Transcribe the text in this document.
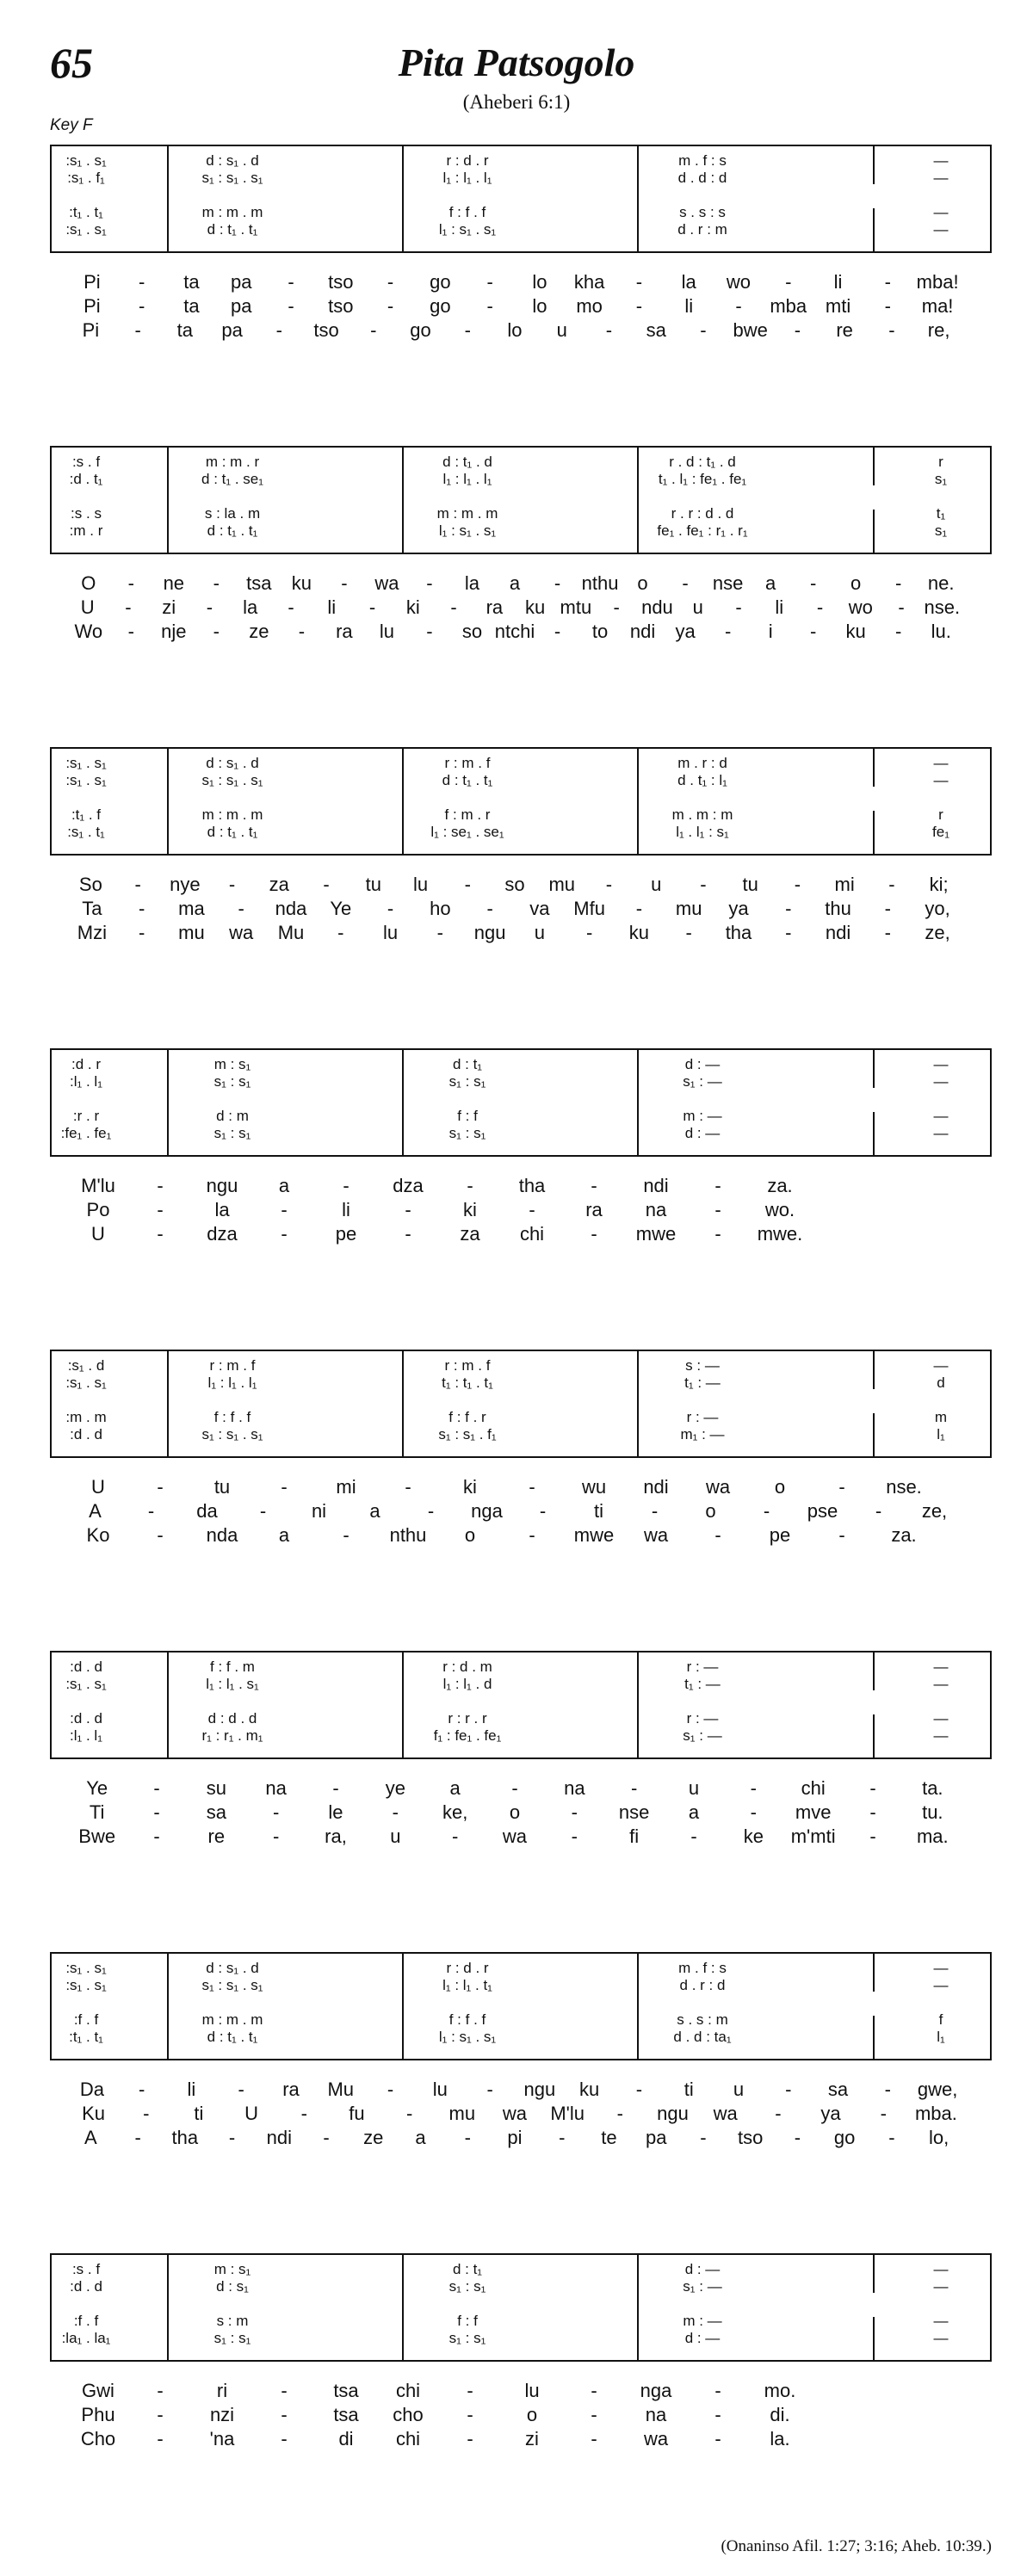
65	Pita Patsogolo
(Aheberi 6:1)
Key F
:s₁ . s₁	d : s₁ . d	r : d . r	m . f : s	—
:s₁ . f₁	s₁ : s₁ . s₁	l₁ : l₁ . l₁	d . d : d	—
:t₁ . t₁	m : m . m	f : f . f	s . s : s	—
:s₁ . s₁	d : t₁ . t₁	l₁ : s₁ . s₁	d . r : m	—
Pi	-	ta	pa	-	tso	-	go	-	lo	kha	-	la	wo	-	li	-	mba!
Pi	-	ta	pa	-	tso	-	go	-	lo	mo	-	li	-	mba mti	-	ma!
Pi	-	ta	pa	-	tso	-	go	-	lo	u	-	sa	-	bwe	-	re	-	re,
:s . f	m : m . r	d : t₁ . d	r . d : t₁ . d	r
:d . t₁	d : t₁ . se₁	l₁ : l₁ . l₁	t₁ . l₁ : fe₁ . fe₁	s₁
:s . s	s : la . m	m : m . m	r . r : d . d	t₁
:m . r	d : t₁ . t₁	l₁ : s₁ . s₁	fe₁ . fe₁ : r₁ . r₁	s₁
O	-	ne	-	tsa	ku	-	wa	-	la	a	-	nthu o	-	nse	a	-	o	-	ne.
U	-	zi	-	la	-	li	-	ki	-	ra	ku mtu	-	ndu	u	-	li	-	wo	-	nse.
Wo	-	nje	-	ze	-	ra	lu	-	so ntchi	-	to	ndi	ya	-	i	-	ku	-	lu.
:s₁ . s₁	d : s₁ . d	r : m . f	m . r : d	—
:s₁ . s₁	s₁ : s₁ . s₁	d : t₁ . t₁	d . t₁ : l₁	—
:t₁ . f	m : m . m	f : m . r	m . m : m	r
:s₁ . t₁	d : t₁ . t₁	l₁ : se₁ . se₁	l₁ . l₁ : s₁	fe₁
So	-	nye	-	za	-	tu	lu	-	so	mu	-	u	-	tu	-	mi	-	ki;
Ta	-	ma	-	nda	Ye	-	ho	-	va	Mfu	-	mu	ya	-	thu	-	yo,
Mzi	-	mu	wa	Mu	-	lu	-	ngu	u	-	ku	-	tha	-	ndi	-	ze,
:d . r	m : s₁	d : t₁	d : —	—
:l₁ . l₁	s₁ : s₁	s₁ : s₁	s₁ : —	—
:r . r	d : m	f : f	m : —	—
:fe₁ . fe₁	s₁ : s₁	s₁ : s₁	d : —	—
M'lu	-	ngu	a	-	dza	-	tha	-	ndi	-	za.
Po	-	la	-	li	-	ki	-	ra	na	-	wo.
U	-	dza	-	pe	-	za	chi	-	mwe	-	mwe.
:s₁ . d	r : m . f	r : m . f	s : —	—
:s₁ . s₁	l₁ : l₁ . l₁	t₁ : t₁ . t₁	t₁ : —	d
:m . m	f : f . f	f : f . r	r : —	m
:d . d	s₁ : s₁ . s₁	s₁ : s₁ . f₁	m₁ : —	l₁
U	-	tu	-	mi	-	ki	-	wu	ndi	wa	o	-	nse.
A	-	da	-	ni	a	-	nga	-	ti	-	o	-	pse	-	ze,
Ko	-	nda	a	-	nthu	o	-	mwe	wa	-	pe	-	za.
:d . d	f : f . m	r : d . m	r : —	—
:s₁ . s₁	l₁ : l₁ . s₁	l₁ : l₁ . d	t₁ : —	—
:d . d	d : d . d	r : r . r	r : —	—
:l₁ . l₁	r₁ : r₁ . m₁	f₁ : fe₁ . fe₁	s₁ : —	—
Ye	-	su	na	-	ye	a	-	na	-	u	-	chi	-	ta.
Ti	-	sa	-	le	-	ke,	o	-	nse	a	-	mve	-	tu.
Bwe	-	re	-	ra,	u	-	wa	-	fi	-	ke	m'mti	-	ma.
:s₁ . s₁	d : s₁ . d	r : d . r	m . f : s	—
:s₁ . s₁	s₁ : s₁ . s₁	l₁ : l₁ . t₁	d . r : d	—
:f . f	m : m . m	f : f . f	s . s : m	f
:t₁ . t₁	d : t₁ . t₁	l₁ : s₁ . s₁	d . d : ta₁	l₁
Da	-	li	-	ra	Mu	-	lu	-	ngu	ku	-	ti	u	-	sa	-	gwe,
Ku	-	ti	U	-	fu	-	mu	wa	M'lu	-	ngu	wa	-	ya	-	mba.
A	-	tha	-	ndi	-	ze	a	-	pi	-	te	pa	-	tso	-	go	-	lo,
:s . f	m : s₁	d : t₁	d : —	—
:d . d	d : s₁	s₁ : s₁	s₁ : —	—
:f . f	s : m	f : f	m : —	—
:la₁ . la₁	s₁ : s₁	s₁ : s₁	d : —	—
Gwi	-	ri	-	tsa	chi	-	lu	-	nga	-	mo.
Phu	-	nzi	-	tsa	cho	-	o	-	na	-	di.
Cho	-	'na	-	di	chi	-	zi	-	wa	-	la.
(Onaninso Afil. 1:27; 3:16; Aheb. 10:39.)
